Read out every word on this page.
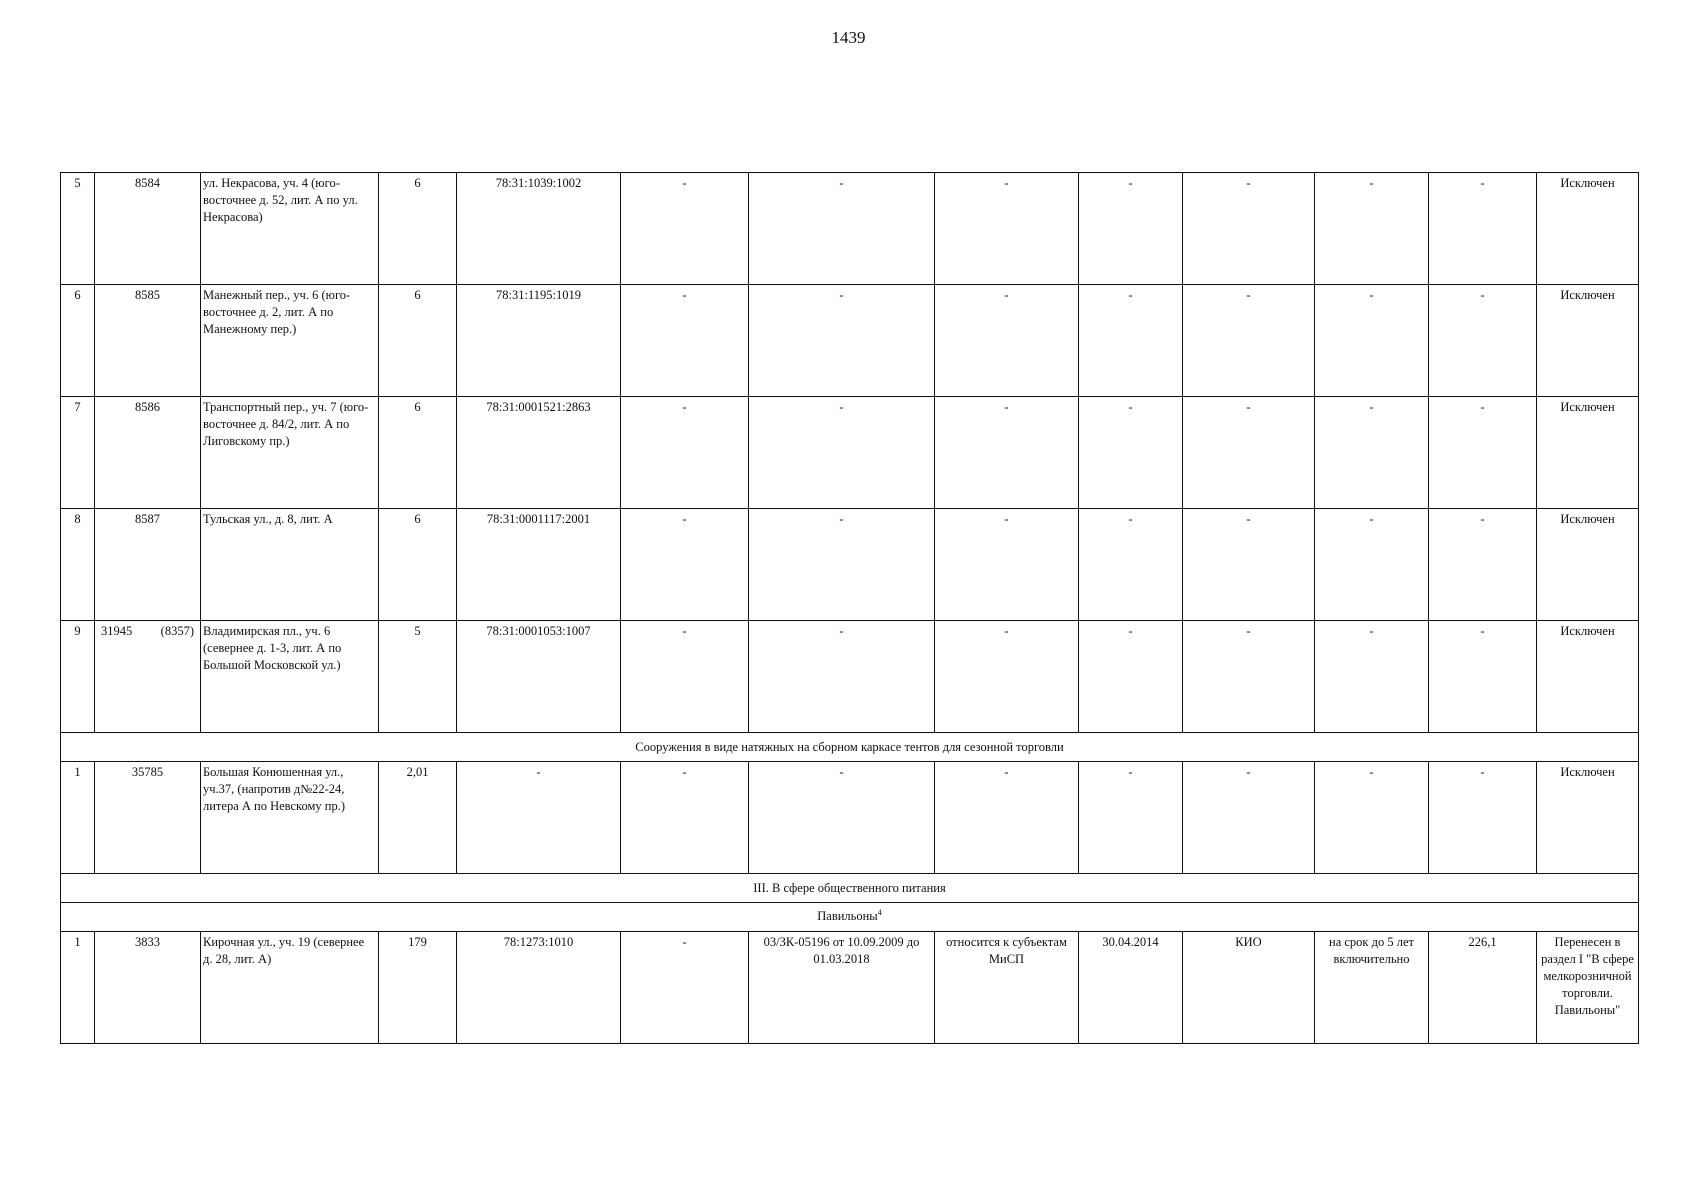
1439
5	8584	ул. Некрасова, уч. 4 (юго-восточнее д. 52, лит. А по ул. Некрасова)	6	78:31:1039:1002	-	-	-	-	-	-	-	Исключен
6	8585	Манежный пер., уч. 6 (юго-восточнее д. 2, лит. А по Манежному пер.)	6	78:31:1195:1019	-	-	-	-	-	-	-	Исключен
7	8586	Транспортный пер., уч. 7 (юго-восточнее д. 84/2, лит. А по Лиговскому пр.)	6	78:31:0001521:2863	-	-	-	-	-	-	-	Исключен
8	8587	Тульская ул., д. 8, лит. А	6	78:31:0001117:2001	-	-	-	-	-	-	-	Исключен
9	31945 (8357)	Владимирская пл., уч. 6 (севернее д. 1-3, лит. А по Большой Московской ул.)	5	78:31:0001053:1007	-	-	-	-	-	-	-	Исключен
Сооружения в виде натяжных на сборном каркасе тентов для сезонной торговли												
1	35785	Большая Конюшенная ул., уч.37, (напротив д№22-24, литера А по Невскому пр.)	2,01	-	-	-	-	-	-	-	-	Исключен
III. В сфере общественного питания												
Павильоны$^4$
1	3833	Кирочная ул., уч. 19 (севернее д. 28, лит. А)	179	78:1273:1010	-	03/ЗК-05196 от 10.09.2009 до 01.03.2018	относится к субъектам МиСП	30.04.2014	КИО	на срок до 5 лет включительно	226,1	Перенесен в раздел I "В сфере мелкорозничной торговли. Павильоны"
